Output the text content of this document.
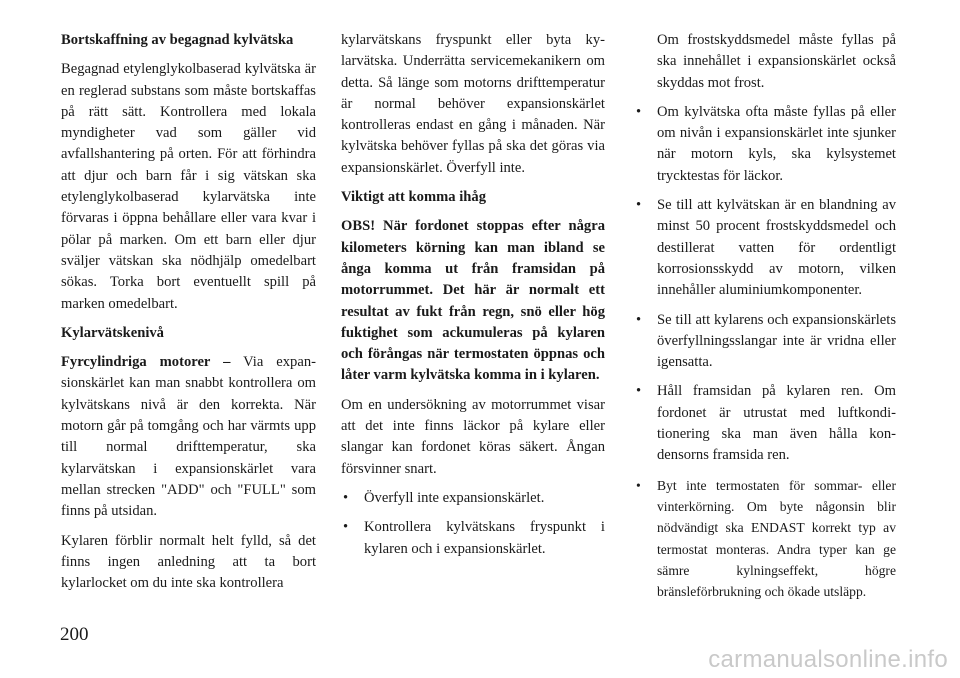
Bortskaffning av begagnad kylvätska

Begagnad etylenglykolbaserad kylvätska är en reglerad substans som måste bortskaffas på rätt sätt. Kontrollera med lokala myndigheter vad som gäller vid avfallshantering på orten. För att förhindra att djur och barn får i sig vätskan ska etylenglykolbaserad kylarvätska inte förvaras i öppna behållare eller vara kvar i pölar på marken. Om ett barn eller djur sväljer vätskan ska nödhjälp omedelbart sökas. Torka bort eventuellt spill på marken omedelbart.

Kylarvätskenivå

Fyrcylindriga motorer – Via expansionskärlet kan man snabbt kontrollera om kylvätskans nivå är den korrekta. När motorn går på tomgång och har värmts upp till normal drifttemperatur, ska kylarvätskan i expansionskärlet vara mellan strecken "ADD" och "FULL" som finns på utsidan.

Kylaren förblir normalt helt fylld, så det finns ingen anledning att ta bort kylarlocket om du inte ska kontrollera

kylarvätskans fryspunkt eller byta kylarvätska. Underrätta servicemekanikern om detta. Så länge som motorns drifttemperatur är normal behöver expansionskärlet kontrolleras endast en gång i månaden. När kylvätska behöver fyllas på ska det göras via expansionskärlet. Överfyll inte.

Viktigt att komma ihåg

OBS! När fordonet stoppas efter några kilometers körning kan man ibland se ånga komma ut från framsidan på motorrummet. Det här är normalt ett resultat av fukt från regn, snö eller hög fuktighet som ackumuleras på kylaren och förångas när termostaten öppnas och låter varm kylvätska komma in i kylaren.

Om en undersökning av motorrummet visar att det inte finns läckor på kylare eller slangar kan fordonet köras säkert. Ångan försvinner snart.

• Överfyll inte expansionskärlet.
• Kontrollera kylvätskans fryspunkt i kylaren och i expansionskärlet.
Om frostskyddsmedel måste fyllas på ska innehållet i expansionskärlet också skyddas mot frost.
• Om kylvätska ofta måste fyllas på eller om nivån i expansionskärlet inte sjunker när motorn kyls, ska kylsystemet trycktestas för läckor.
• Se till att kylvätskan är en blandning av minst 50 procent frostskyddsmedel och destillerat vatten för ordentligt korrosionsskydd av motorn, vilken innehåller aluminiumkomponenter.
• Se till att kylarens och expansionskärlets överfyllningsslangar inte är vridna eller igensatta.
• Håll framsidan på kylaren ren. Om fordonet är utrustat med luftkonditionering ska man även hålla kondensorns framsida ren.
• Byt inte termostaten för sommar- eller vinterkörning. Om byte någonsin blir nödvändigt ska ENDAST korrekt typ av termostat monteras. Andra typer kan ge sämre kylningseffekt, högre bränsleförbrukning och ökade utsläpp.
200
carmanualsonline.info
